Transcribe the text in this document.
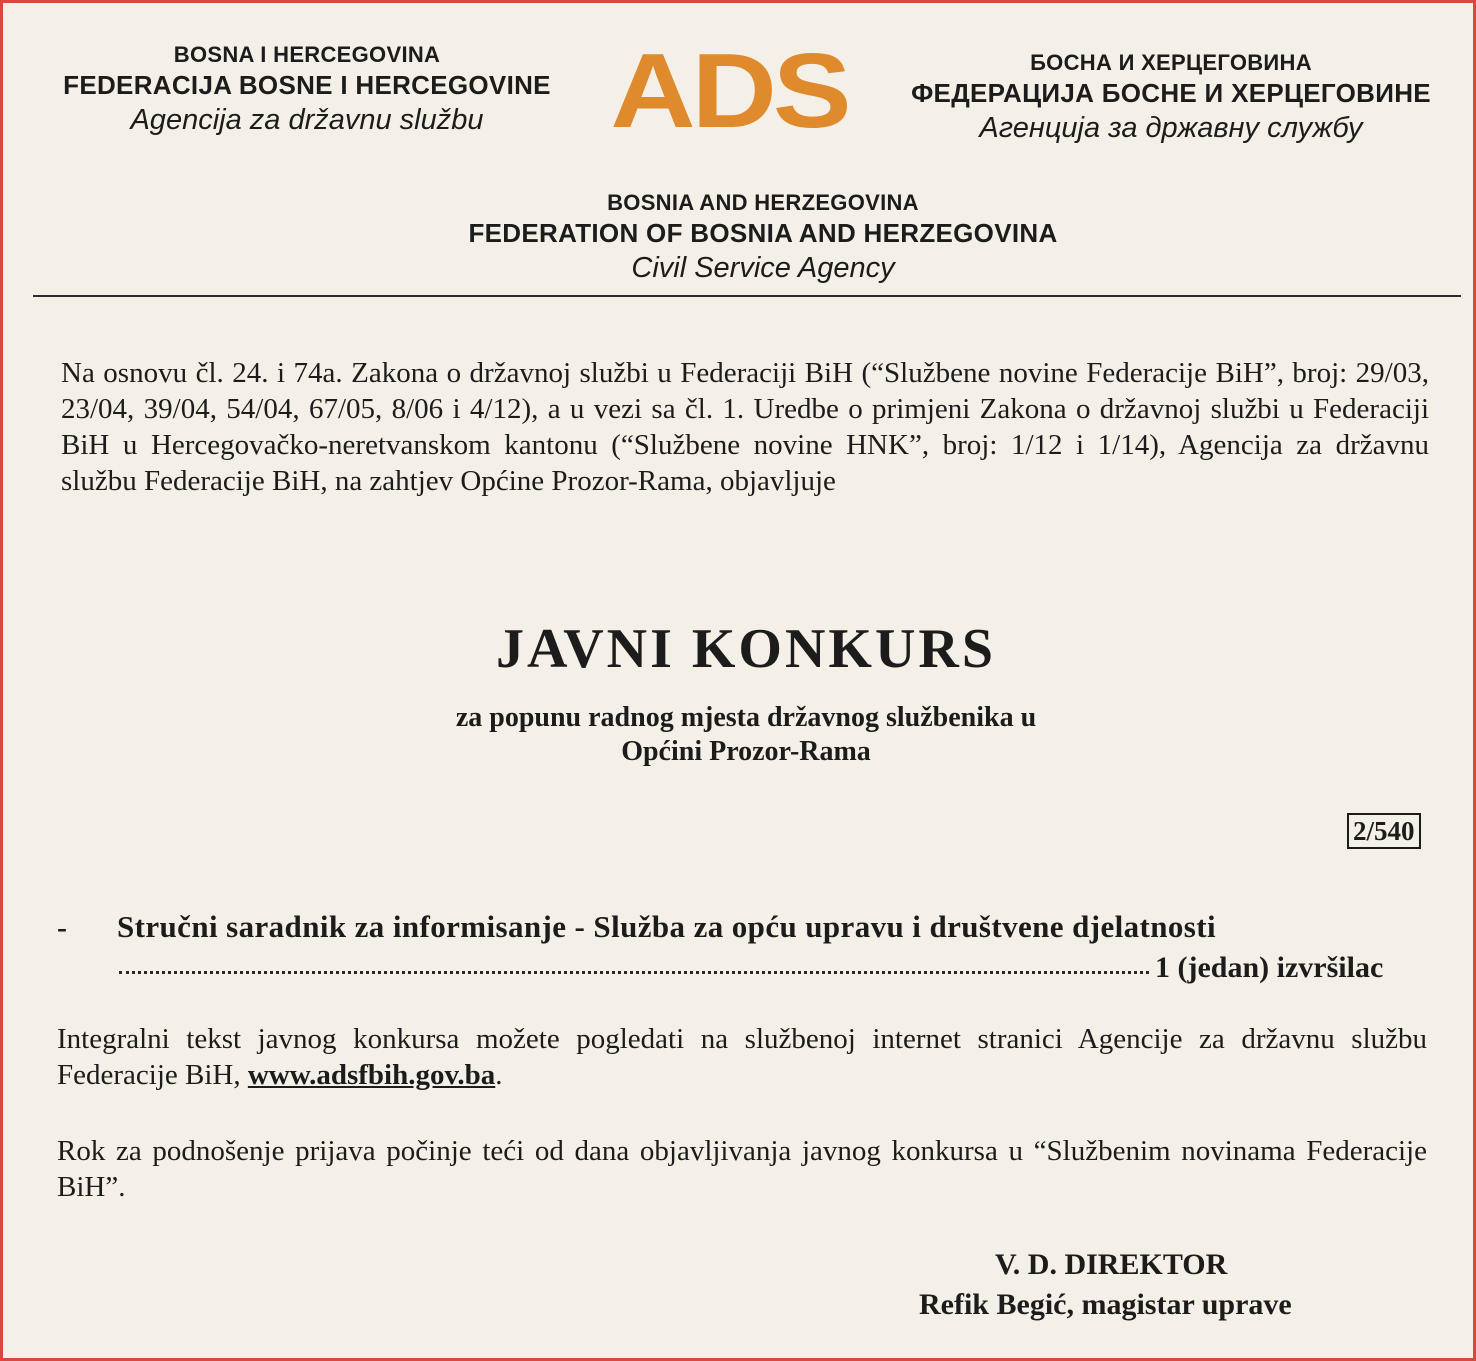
BOSNA I HERCEGOVINA
FEDERACIJA BOSNE I HERCEGOVINE
Agencija za državnu službu	ADS	БОСНА И ХЕРЦЕГОВИНА
ФЕДЕРАЦИЈА БОСНЕ И ХЕРЦЕГОВИНЕ
Агенција за државну службу
BOSNIA AND HERZEGOVINA
FEDERATION OF BOSNIA AND HERZEGOVINA
Civil Service Agency
Na osnovu čl. 24. i 74a. Zakona o državnoj službi u Federaciji BiH (“Službene novine Federacije BiH”, broj: 29/03, 23/04, 39/04, 54/04, 67/05, 8/06 i 4/12), a u vezi sa čl. 1. Uredbe o primjeni Zakona o državnoj službi u Federaciji BiH u Hercegovačko-neretvanskom kantonu (“Službene novine HNK”, broj: 1/12 i 1/14), Agencija za državnu službu Federacije BiH, na zahtjev Općine Prozor-Rama, objavljuje
JAVNI KONKURS
za popunu radnog mjesta državnog službenika u
Općini Prozor-Rama
2/540
- Stručni saradnik za informisanje - Služba za opću upravu i društvene djelatnosti
1 (jedan) izvršilac
Integralni tekst javnog konkursa možete pogledati na službenoj internet stranici Agencije za državnu službu Federacije BiH, www.adsfbih.gov.ba.
Rok za podnošenje prijava počinje teći od dana objavljivanja javnog konkursa u “Službenim novinama Federacije BiH”.
V. D. DIREKTOR
Refik Begić, magistar uprave
